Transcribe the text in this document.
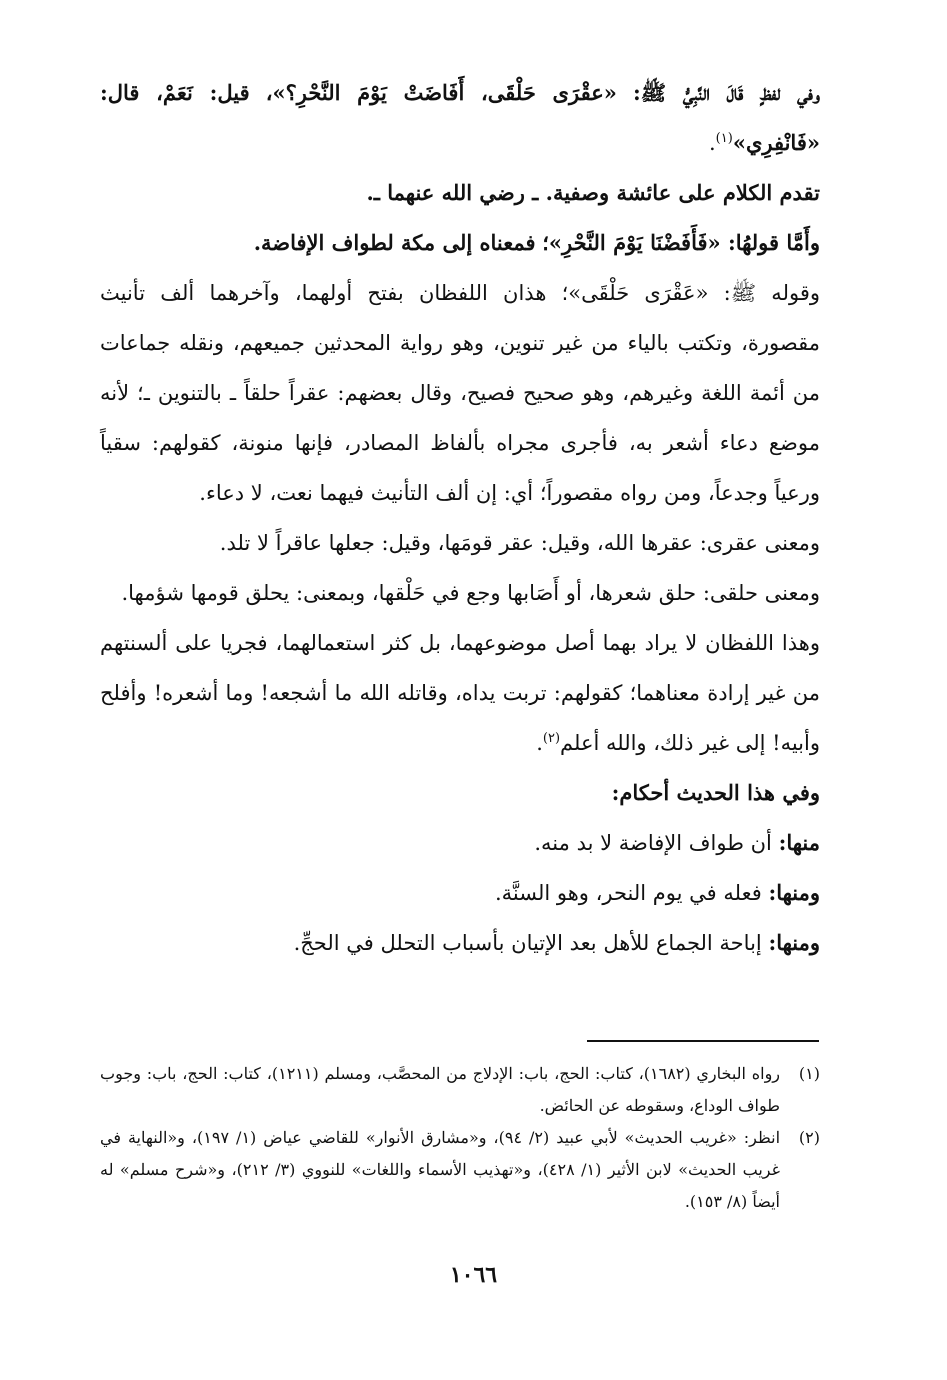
وفي لفظٍ قَالَ النَّبِيُّ ﷺ: «عقْرَى حَلْقَى، أَفَاضَتْ يَوْمَ النَّحْرِ؟»، قيل: نَعَمْ، قال: «فَانْفِرِي»$^{(١)}$.

تقدم الكلام على عائشة وصفية. ـ رضي الله عنهما ـ.

وأَمَّا قولهُا: «فَأَفَضْنَا يَوْمَ النَّحْرِ»؛ فمعناه إلى مكة لطواف الإفاضة.

وقوله ﷺ: «عَقْرَى حَلْقَى»؛ هذان اللفظان بفتح أولهما، وآخرهما ألف تأنيث مقصورة، وتكتب بالياء من غير تنوين، وهو رواية المحدثين جميعهم، ونقله جماعات من أئمة اللغة وغيرهم، وهو صحيح فصيح، وقال بعضهم: عقراً حلقاً ـ بالتنوين ـ؛ لأنه موضع دعاء أشعر به، فأجرى مجراه بألفاظ المصادر، فإنها منونة، كقولهم: سقياً ورعياً وجدعاً، ومن رواه مقصوراً؛ أي: إن ألف التأنيث فيهما نعت، لا دعاء.

ومعنى عقرى: عقرها الله، وقيل: عقر قومَها، وقيل: جعلها عاقراً لا تلد.

ومعنى حلقى: حلق شعرها، أو أَصَابها وجع في حَلْقها، وبمعنى: يحلق قومها شؤمها.

وهذا اللفظان لا يراد بهما أصل موضوعهما، بل كثر استعمالهما، فجريا على ألسنتهم من غير إرادة معناهما؛ كقولهم: تربت يداه، وقاتله الله ما أشجعه! وما أشعره! وأفلح وأبيه! إلى غير ذلك، والله أعلم$^{(٢)}$.

وفي هذا الحديث أحكام:

منها: أن طواف الإفاضة لا بد منه.

ومنها: فعله في يوم النحر، وهو السنَّة.

ومنها: إباحة الجماع للأهل بعد الإتيان بأسباب التحلل في الحجِّ.

(١)
رواه البخاري (١٦٨٢)، كتاب: الحج، باب: الإدلاج من المحصَّب، ومسلم (١٢١١)، كتاب: الحج، باب: وجوب طواف الوداع، وسقوطه عن الحائض.

(٢)
انظر: «غريب الحديث» لأبي عبيد (٢/ ٩٤)، و«مشارق الأنوار» للقاضي عياض (١/ ١٩٧)، و«النهاية في غريب الحديث» لابن الأثير (١/ ٤٢٨)، و«تهذيب الأسماء واللغات» للنووي (٣/ ٢١٢)، و«شرح مسلم» له أيضاً (٨/ ١٥٣).

١٠٦٦
